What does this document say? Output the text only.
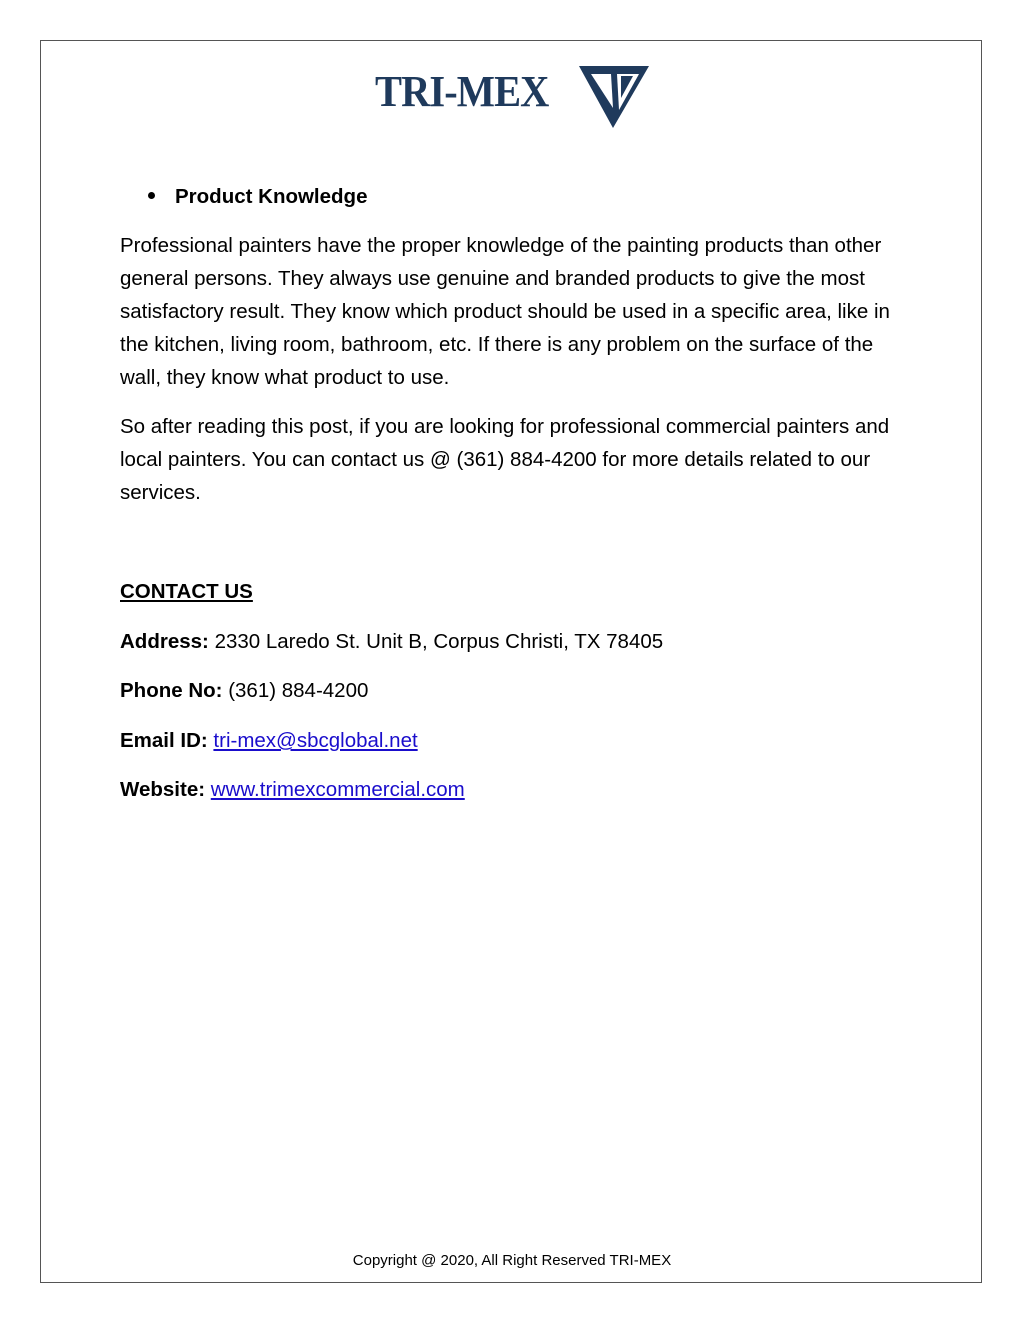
TRI-MEX
Product Knowledge

Professional painters have the proper knowledge of the painting products than other general persons. They always use genuine and branded products to give the most satisfactory result. They know which product should be used in a specific area, like in the kitchen, living room, bathroom, etc. If there is any problem on the surface of the wall, they know what product to use.

So after reading this post, if you are looking for professional commercial painters and local painters. You can contact us @ (361) 884-4200 for more details related to our services.

CONTACT US
Address: 2330 Laredo St. Unit B, Corpus Christi, TX 78405
Phone No: (361) 884-4200
Email ID: tri-mex@sbcglobal.net
Website: www.trimexcommercial.com
Copyright @ 2020, All Right Reserved TRI-MEX
